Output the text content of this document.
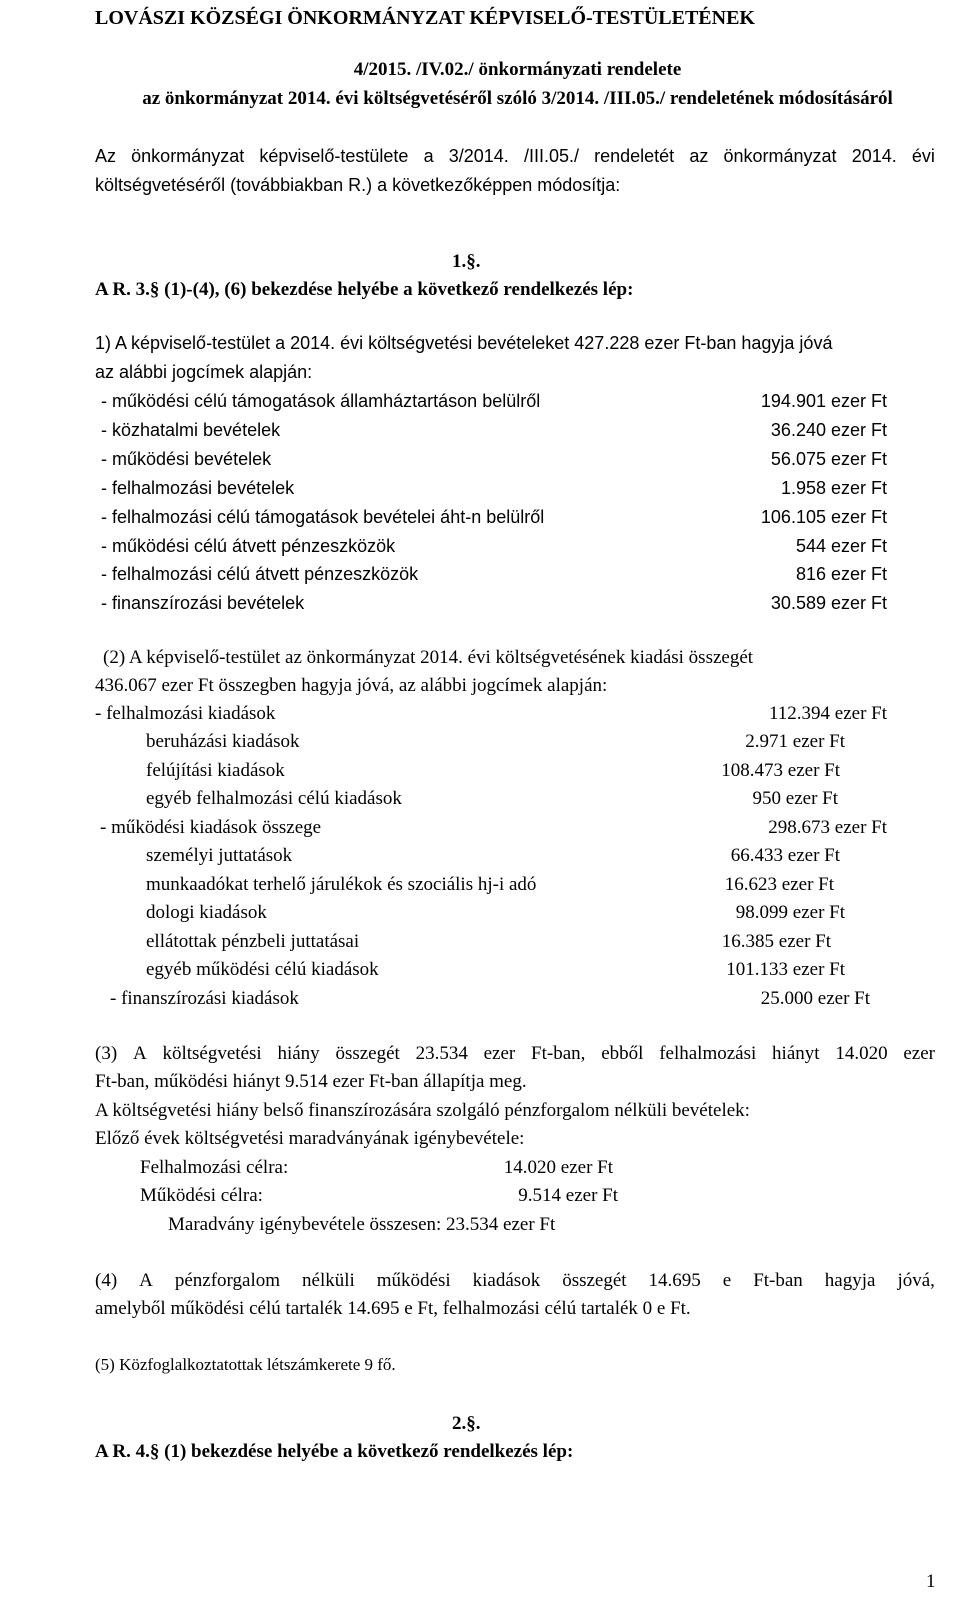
LOVÁSZI KÖZSÉGI ÖNKORMÁNYZAT KÉPVISELŐ-TESTÜLETÉNEK
4/2015. /IV.02./ önkormányzati rendelete
az önkormányzat 2014. évi költségvetéséről szóló 3/2014. /III.05./ rendeletének módosításáról
Az önkormányzat képviselő-testülete a 3/2014. /III.05./ rendeletét az önkormányzat 2014. évi
költségvetéséről (továbbiakban R.) a következőképpen módosítja:
1.§.
A R. 3.§ (1)-(4), (6) bekezdése helyébe a következő rendelkezés lép:
1) A képviselő-testület a 2014. évi költségvetési bevételeket 427.228 ezer Ft-ban hagyja jóvá
az alábbi jogcímek alapján:
- működési célú támogatások államháztartáson belülről	194.901 ezer Ft
- közhatalmi bevételek	36.240 ezer Ft
- működési bevételek	56.075 ezer Ft
- felhalmozási bevételek	1.958 ezer Ft
- felhalmozási célú támogatások bevételei áht-n belülről	106.105 ezer Ft
- működési célú átvett pénzeszközök	544 ezer Ft
- felhalmozási célú átvett pénzeszközök	816 ezer Ft
- finanszírozási bevételek	30.589 ezer Ft
(2) A képviselő-testület az önkormányzat 2014. évi költségvetésének kiadási összegét
436.067 ezer Ft összegben hagyja jóvá, az alábbi jogcímek alapján:
- felhalmozási kiadások	112.394 ezer Ft
beruházási kiadások	2.971 ezer Ft
felújítási kiadások	108.473 ezer Ft
egyéb felhalmozási célú kiadások	950 ezer Ft
- működési kiadások összege	298.673 ezer Ft
személyi juttatások	66.433 ezer Ft
munkaadókat terhelő járulékok és szociális hj-i adó	16.623 ezer Ft
dologi kiadások	98.099 ezer Ft
ellátottak pénzbeli juttatásai	16.385 ezer Ft
egyéb működési célú kiadások	101.133 ezer Ft
- finanszírozási kiadások	25.000 ezer Ft
(3) A költségvetési hiány összegét 23.534 ezer Ft-ban, ebből felhalmozási hiányt 14.020 ezer
Ft-ban, működési hiányt 9.514 ezer Ft-ban állapítja meg.
A költségvetési hiány belső finanszírozására szolgáló pénzforgalom nélküli bevételek:
Előző évek költségvetési maradványának igénybevétele:
Felhalmozási célra:	14.020 ezer Ft
Működési célra:	9.514 ezer Ft
Maradvány igénybevétele összesen: 23.534 ezer Ft
(4) A pénzforgalom nélküli működési kiadások összegét 14.695 e Ft-ban hagyja jóvá,
amelyből működési célú tartalék 14.695 e Ft, felhalmozási célú tartalék 0 e Ft.
(5) Közfoglalkoztatottak létszámkerete 9 fő.
2.§.
A R. 4.§ (1) bekezdése helyébe a következő rendelkezés lép:
1
